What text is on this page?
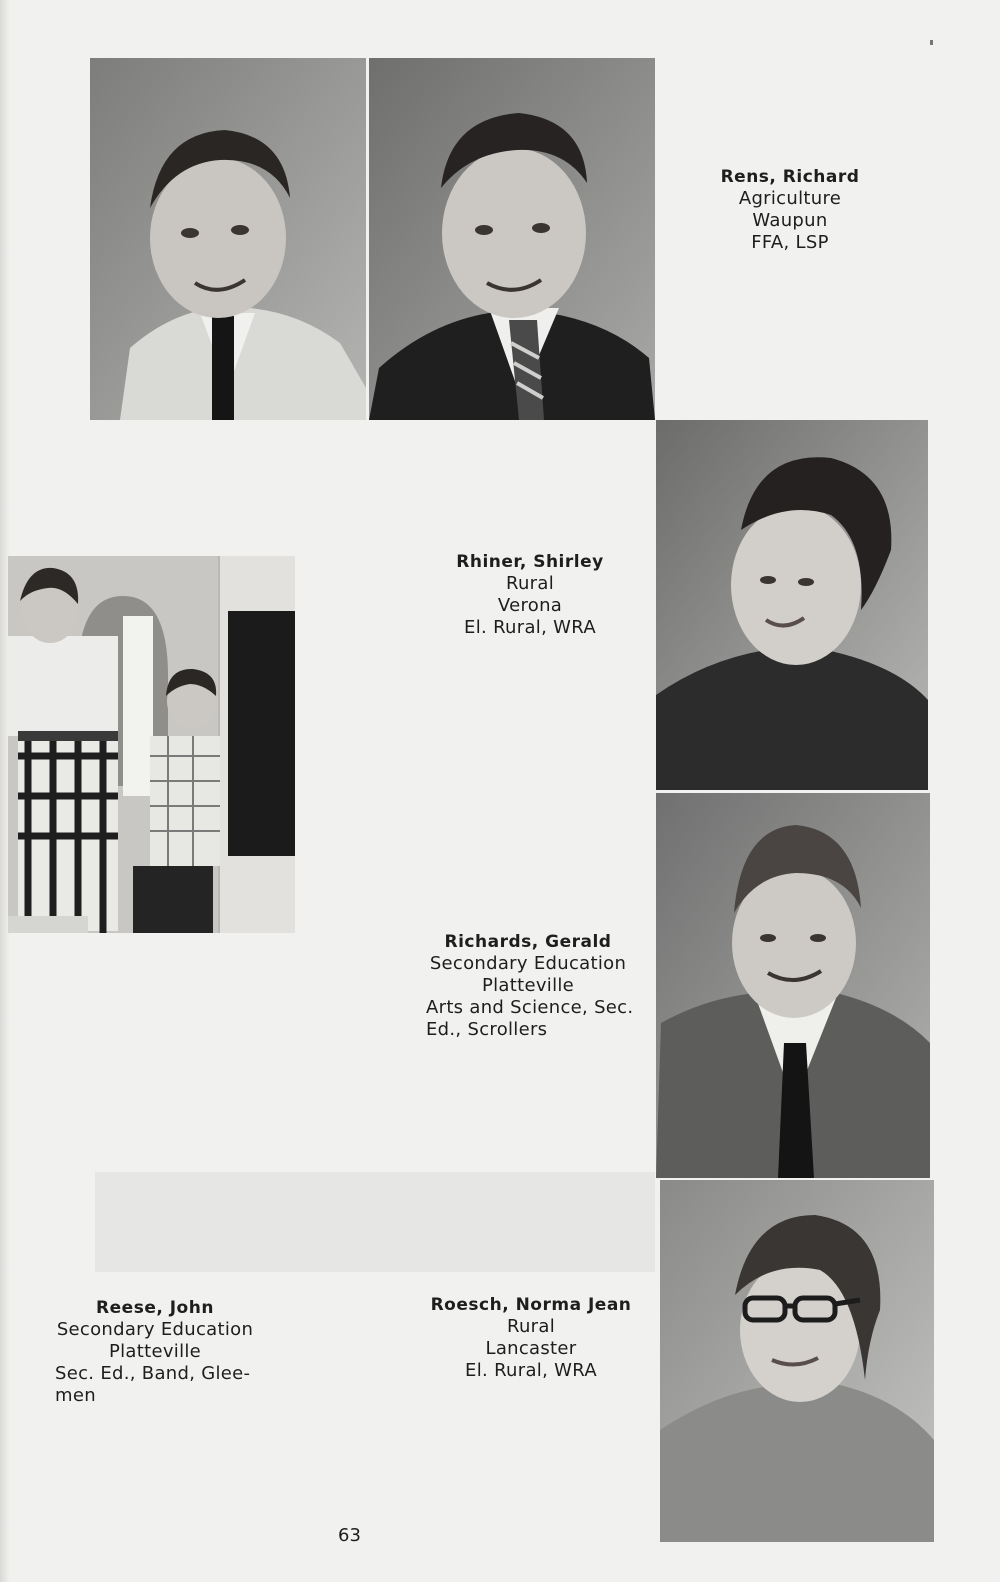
Rens, Richard
Agriculture
Waupun
FFA, LSP
Rhiner, Shirley
Rural
Verona
El. Rural, WRA
Richards, Gerald
Secondary Education
Platteville
Arts and Science, Sec.
Ed., Scrollers
Reese, John
Secondary Education
Platteville
Sec. Ed., Band, Glee-
men
Roesch, Norma Jean
Rural
Lancaster
El. Rural, WRA
63
